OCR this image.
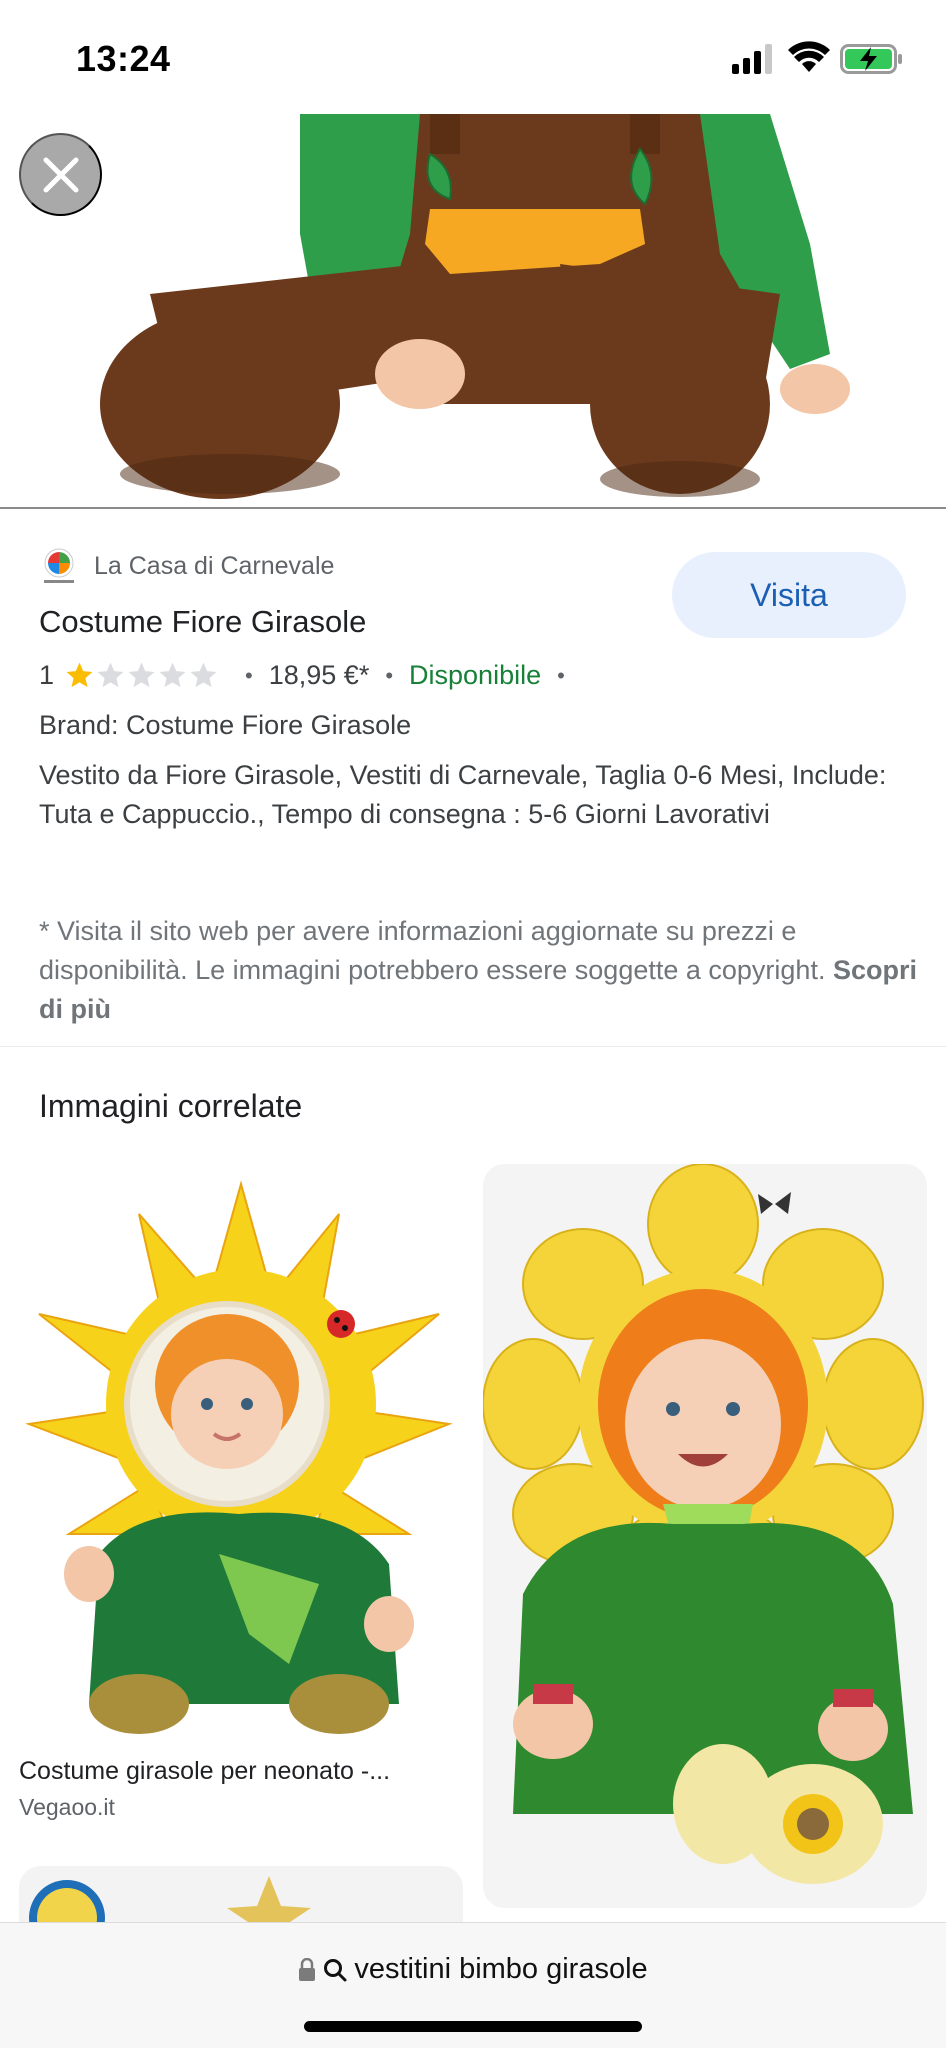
13:24
La Casa di Carnevale
Visita
Costume Fiore Girasole
1	• 18,95 €* • Disponibile •
Brand: Costume Fiore Girasole
Vestito da Fiore Girasole, Vestiti di Carnevale, Taglia 0-6 Mesi, Include: Tuta e Cappuccio., Tempo di consegna : 5-6 Giorni Lavorativi
* Visita il sito web per avere informazioni aggiornate su prezzi e disponibilità. Le immagini potrebbero essere soggette a copyright. Scopri di più
Immagini correlate
Costume girasole per neonato -...
Vegaoo.it
vestitini bimbo girasole
